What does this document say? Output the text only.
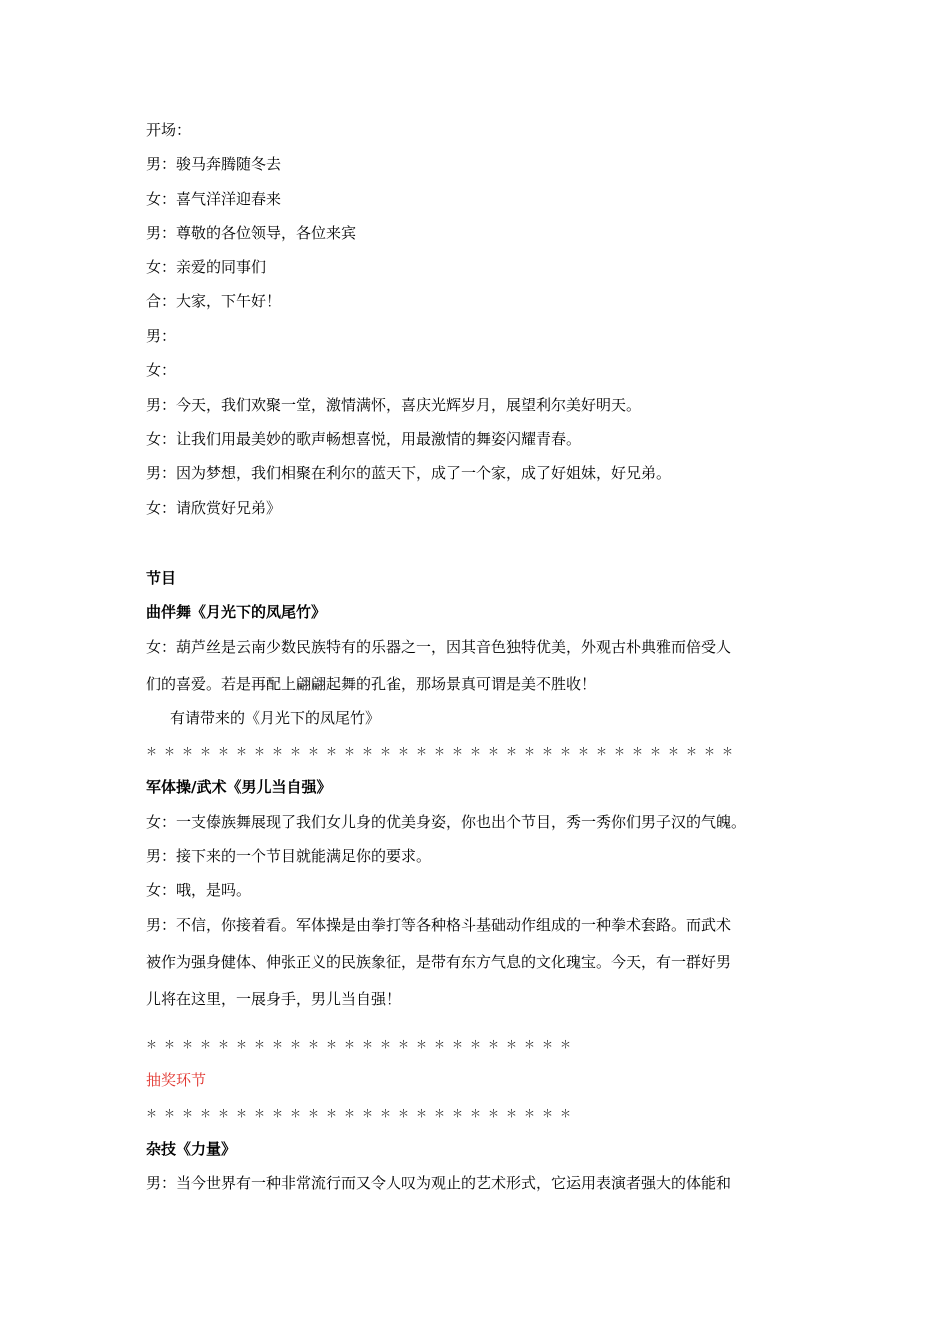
开场：
男：骏马奔腾随冬去
女：喜气洋洋迎春来
男：尊敬的各位领导，各位来宾
女：亲爱的同事们
合：大家，下午好！
男：
女：
男：今天，我们欢聚一堂，激情满怀，喜庆光辉岁月，展望利尔美好明天。
女：让我们用最美妙的歌声畅想喜悦，用最激情的舞姿闪耀青春。
男：因为梦想，我们相聚在利尔的蓝天下，成了一个家，成了好姐妹，好兄弟。
女：请欣赏好兄弟》
节目
曲伴舞《月光下的凤尾竹》
女：葫芦丝是云南少数民族特有的乐器之一，因其音色独特优美，外观古朴典雅而倍受人
们的喜爱。若是再配上翩翩起舞的孔雀，那场景真可谓是美不胜收！
有请带来的《月光下的凤尾竹》
＊＊＊＊＊＊＊＊＊＊＊＊＊＊＊＊＊＊＊＊＊＊＊＊＊＊＊＊＊＊＊＊＊
军体操/武术《男儿当自强》
女：一支傣族舞展现了我们女儿身的优美身姿，你也出个节目，秀一秀你们男子汉的气魄。
男：接下来的一个节目就能满足你的要求。
女：哦，是吗。
男：不信，你接着看。军体操是由拳打等各种格斗基础动作组成的一种拳术套路。而武术
被作为强身健体、伸张正义的民族象征，是带有东方气息的文化瑰宝。今天，有一群好男
儿将在这里，一展身手，男儿当自强！
＊＊＊＊＊＊＊＊＊＊＊＊＊＊＊＊＊＊＊＊＊＊＊＊
抽奖环节
＊＊＊＊＊＊＊＊＊＊＊＊＊＊＊＊＊＊＊＊＊＊＊＊
杂技《力量》
男：当今世界有一种非常流行而又令人叹为观止的艺术形式，它运用表演者强大的体能和
